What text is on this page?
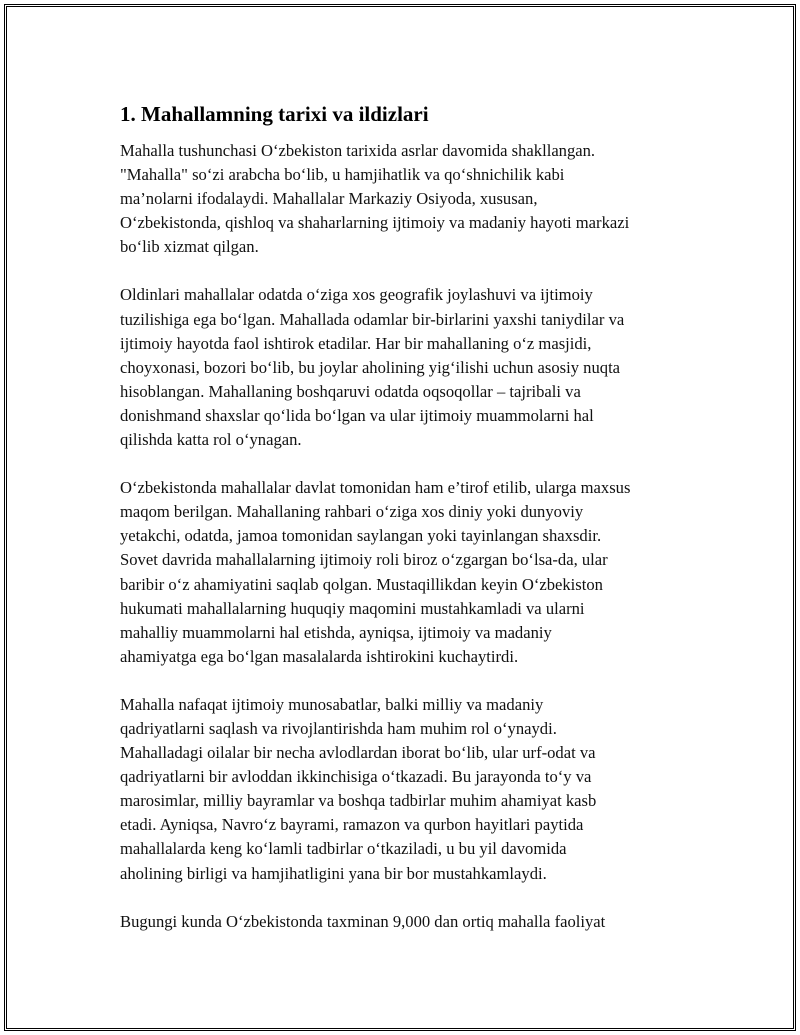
1. Mahallamning tarixi va ildizlari

Mahalla tushunchasi O‘zbekiston tarixida asrlar davomida shakllangan.
"Mahalla" so‘zi arabcha bo‘lib, u hamjihatlik va qo‘shnichilik kabi
ma’nolarni ifodalaydi. Mahallalar Markaziy Osiyoda, xususan,
O‘zbekistonda, qishloq va shaharlarning ijtimoiy va madaniy hayoti markazi
bo‘lib xizmat qilgan.

Oldinlari mahallalar odatda o‘ziga xos geografik joylashuvi va ijtimoiy
tuzilishiga ega bo‘lgan. Mahallada odamlar bir-birlarini yaxshi taniydilar va
ijtimoiy hayotda faol ishtirok etadilar. Har bir mahallaning o‘z masjidi,
choyxonasi, bozori bo‘lib, bu joylar aholining yig‘ilishi uchun asosiy nuqta
hisoblangan. Mahallaning boshqaruvi odatda oqsoqollar – tajribali va
donishmand shaxslar qo‘lida bo‘lgan va ular ijtimoiy muammolarni hal
qilishda katta rol o‘ynagan.

O‘zbekistonda mahallalar davlat tomonidan ham e’tirof etilib, ularga maxsus
maqom berilgan. Mahallaning rahbari o‘ziga xos diniy yoki dunyoviy
yetakchi, odatda, jamoa tomonidan saylangan yoki tayinlangan shaxsdir.
Sovet davrida mahallalarning ijtimoiy roli biroz o‘zgargan bo‘lsa-da, ular
baribir o‘z ahamiyatini saqlab qolgan. Mustaqillikdan keyin O‘zbekiston
hukumati mahallalarning huquqiy maqomini mustahkamladi va ularni
mahalliy muammolarni hal etishda, ayniqsa, ijtimoiy va madaniy
ahamiyatga ega bo‘lgan masalalarda ishtirokini kuchaytirdi.

Mahalla nafaqat ijtimoiy munosabatlar, balki milliy va madaniy
qadriyatlarni saqlash va rivojlantirishda ham muhim rol o‘ynaydi.
Mahalladagi oilalar bir necha avlodlardan iborat bo‘lib, ular urf-odat va
qadriyatlarni bir avloddan ikkinchisiga o‘tkazadi. Bu jarayonda to‘y va
marosimlar, milliy bayramlar va boshqa tadbirlar muhim ahamiyat kasb
etadi. Ayniqsa, Navro‘z bayrami, ramazon va qurbon hayitlari paytida
mahallalarda keng ko‘lamli tadbirlar o‘tkaziladi, u bu yil davomida
aholining birligi va hamjihatligini yana bir bor mustahkamlaydi.

Bugungi kunda O‘zbekistonda taxminan 9,000 dan ortiq mahalla faoliyat
